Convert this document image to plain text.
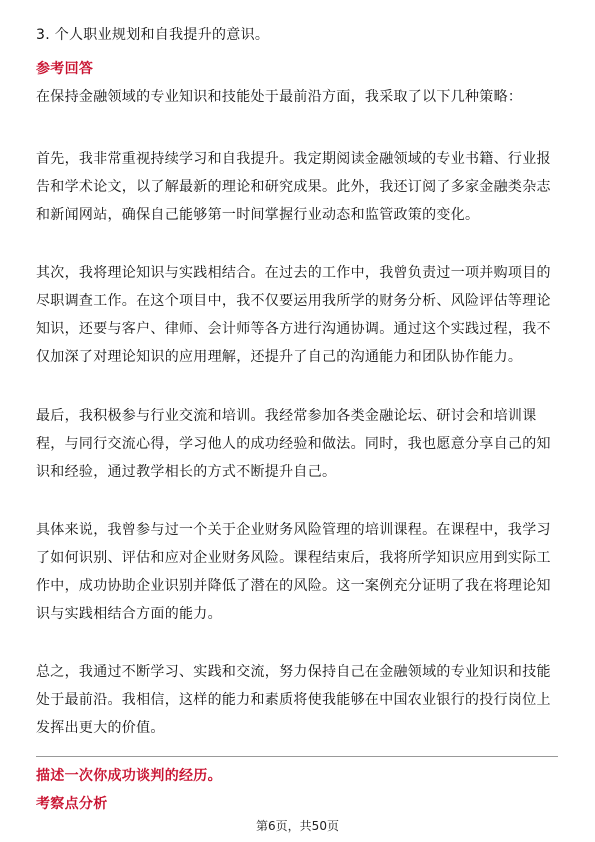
3. 个人职业规划和自我提升的意识。
参考回答
在保持金融领域的专业知识和技能处于最前沿方面，我采取了以下几种策略：
首先，我非常重视持续学习和自我提升。我定期阅读金融领域的专业书籍、行业报告和学术论文，以了解最新的理论和研究成果。此外，我还订阅了多家金融类杂志和新闻网站，确保自己能够第一时间掌握行业动态和监管政策的变化。
其次，我将理论知识与实践相结合。在过去的工作中，我曾负责过一项并购项目的尽职调查工作。在这个项目中，我不仅要运用我所学的财务分析、风险评估等理论知识，还要与客户、律师、会计师等各方进行沟通协调。通过这个实践过程，我不仅加深了对理论知识的应用理解，还提升了自己的沟通能力和团队协作能力。
最后，我积极参与行业交流和培训。我经常参加各类金融论坛、研讨会和培训课程，与同行交流心得，学习他人的成功经验和做法。同时，我也愿意分享自己的知识和经验，通过教学相长的方式不断提升自己。
具体来说，我曾参与过一个关于企业财务风险管理的培训课程。在课程中，我学习了如何识别、评估和应对企业财务风险。课程结束后，我将所学知识应用到实际工作中，成功协助企业识别并降低了潜在的风险。这一案例充分证明了我在将理论知识与实践相结合方面的能力。
总之，我通过不断学习、实践和交流，努力保持自己在金融领域的专业知识和技能处于最前沿。我相信，这样的能力和素质将使我能够在中国农业银行的投行岗位上发挥出更大的价值。
描述一次你成功谈判的经历。
考察点分析
第6页，共50页
